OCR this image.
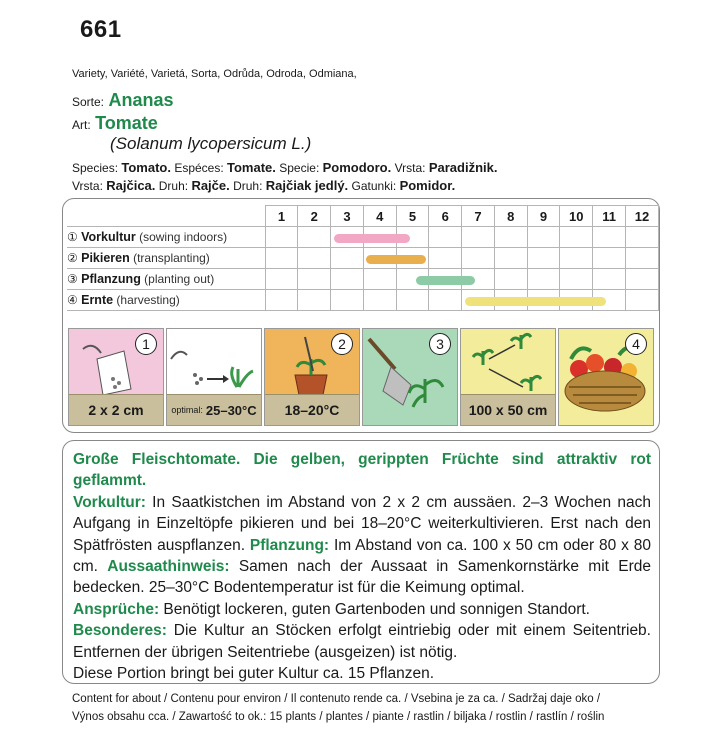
661
Variety, Variété, Varietá, Sorta, Odrůda, Odroda, Odmiana,
Sorte: Ananas
Art: Tomate
(Solanum lycopersicum L.)
Species: Tomato. Espéces: Tomate. Specie: Pomodoro. Vrsta: Paradižnik.
Vrsta: Rajčica. Druh: Rajče. Druh: Rajčiak jedlý. Gatunki: Pomidor.
	1	2	3	4	5	6	7	8	9	10	11	12
① Vorkultur (sowing indoors)												
② Pikieren (transplanting)												
③ Pflanzung (planting out)												
④ Ernte (harvesting)												
1
2 x 2 cm	optimal: 25–30°C
2
18–20°C
3
100 x 50 cm
4
Große Fleischtomate. Die gelben, gerippten Früchte sind attraktiv rot geflammt.
Vorkultur: In Saatkistchen im Abstand von 2 x 2 cm aussäen. 2–3 Wochen nach Aufgang in Einzeltöpfe pikieren und bei 18–20°C weiterkultivieren. Erst nach den Spätfrösten auspflanzen. Pflanzung: Im Abstand von ca. 100 x 50 cm oder 80 x 80 cm. Aussaathinweis: Samen nach der Aussaat in Samenkornstärke mit Erde bedecken. 25–30°C Bodentemperatur ist für die Keimung optimal.
Ansprüche: Benötigt lockeren, guten Gartenboden und sonnigen Standort.
Besonderes: Die Kultur an Stöcken erfolgt eintriebig oder mit einem Seitentrieb. Entfernen der übrigen Seitentriebe (ausgeizen) ist nötig.
Diese Portion bringt bei guter Kultur ca. 15 Pflanzen.
Content for about / Contenu pour environ / Il contenuto rende ca. / Vsebina je za ca. / Sadržaj daje oko /
Výnos obsahu cca. / Zawartość to ok.: 15 plants / plantes / piante / rastlin / biljaka / rostlin / rastlín / roślin
